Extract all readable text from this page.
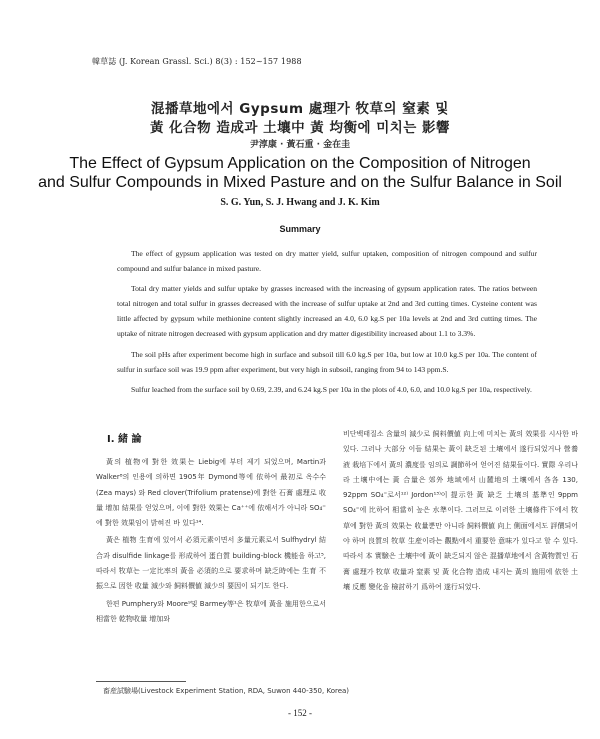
韓草誌 (J. Korean Grassl. Sci.) 8(3) : 152~157 1988
混播草地에서 Gypsum 處理가 牧草의 窒素 및
黃 化合物 造成과 土壤中 黃 均衡에 미치는 影響
尹淳康 · 黃石重 · 金在圭
The Effect of Gypsum Application on the Composition of Nitrogen
and Sulfur Compounds in Mixed Pasture and on the Sulfur Balance in Soil
S. G. Yun, S. J. Hwang and J. K. Kim
Summary

The effect of gypsum application was tested on dry matter yield, sulfur uptaken, composition of nitrogen compound and sulfur compound and sulfur balance in mixed pasture.

Total dry matter yields and sulfur uptake by grasses increased with the increasing of gypsum application rates. The ratios between total nitrogen and total sulfur in grasses decreased with the increase of sulfur uptake at 2nd and 3rd cutting times. Cysteine content was little affected by gypsum while methionine content slightly increased an 4.0, 6.0 kg.S per 10a levels at 2nd and 3rd cutting times. The uptake of nitrate nitrogen decreased with gypsum application and dry matter digestibility increased about 1.1 to 3.3%.

The soil pHs after experiment become high in surface and subsoil till 6.0 kg.S per 10a, but low at 10.0 kg.S per 10a. The content of sulfur in surface soil was 19.9 ppm after experiment, but very high in subsoil, ranging from 94 to 143 ppm.S.

Sulfur leached from the surface soil by 0.69, 2.39, and 6.24 kg.S per 10a in the plots of 4.0, 6.0, and 10.0 kg.S per 10a, respectively.

Ⅰ. 緒 論

黃의 植物에 對한 效果는 Liebig에 부터 제기 되었으며, Martin과 Walker⁸의 인용에 의하면 1905年 Dymond等에 依하여 最初로 옥수수(Zea mays) 와 Red clover(Trifolium pratense)에 對한 石膏 處理로 收量 增加 結果를 얻었으며, 이에 對한 效果는 Ca⁺⁺에 依해서가 아니라 SO₄⁼에 對한 效果임이 밝혀진 바 있다¹⁴.

黃은 植物 生育에 있어서 必須元素이면서 多量元素로서 Sulfhydryl 結合과 disulfide linkage를 形成하여 蛋白質 building-block 機能을 하고⁵, 따라서 牧草는 一定比率의 黃을 必須的으로 要求하며 缺乏時에는 生育 不振으로 因한 收量 減少와 飼料價値 減少의 要因이 되기도 한다.

한편 Pumphery와 Moore⁹및 Barmey等¹은 牧草에 黃을 施用한으로서 相當한 乾物收量 增加와

비단백태질소 含量의 減少로 飼料價値 向上에 미치는 黃의 效果를 시사한 바 있다. 그러나 大部分 이들 結果는 黃이 缺乏된 土壤에서 遂行되었거나 營養液 栽培下에서 黃의 濃度를 임의로 調節하여 얻어진 結果들이다. 實際 우리나라 土壤中에는 黃 合量은 郊外 地域에서 山麓地의 土壤에서 各各 130, 92ppm SO₄⁼로서¹²⁾ Jordon¹³⁾이 提示한 黃 缺乏 土壤의 基準인 9ppm SO₄⁼에 比하여 相當히 높은 水準이다. 그러므로 이러한 土壤條件下에서 牧草에 對한 黃의 效果는 收量뿐만 아니라 飼料價値 向上 側面에서도 評價되어야 하며 良質의 牧草 生産이라는 觀點에서 重要한 意味가 있다고 할 수 있다. 따라서 本 實驗은 土壤中에 黃이 缺乏되지 않은 混播草地에서 含黃物質인 石膏 處理가 牧草 收量과 窒素 및 黃 化合物 造成 내지는 黃의 施用에 依한 土壤 反應 變化을 檢討하기 爲하여 遂行되었다.

畜産試驗場(Livestock Experiment Station, RDA, Suwon 440-350, Korea)
- 152 -
